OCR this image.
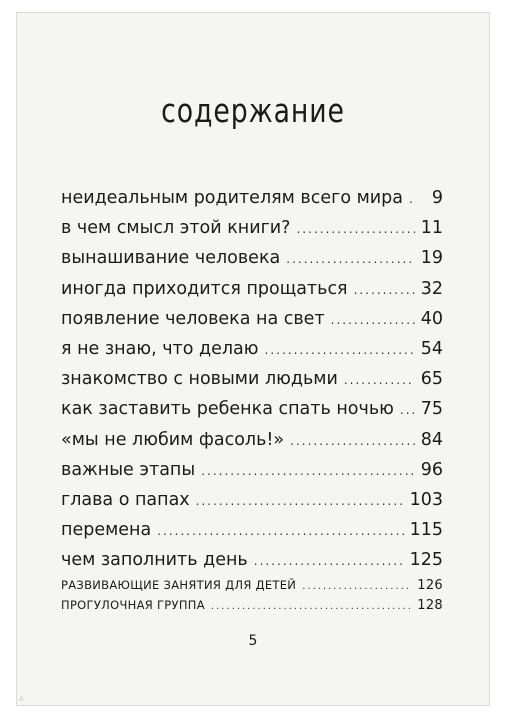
содержание
неидеальным родителям всего мира .....	9
в чем смысл этой книги? .....	11
вынашивание человека .....	19
иногда приходится прощаться .....	32
появление человека на свет .....	40
я не знаю, что делаю .....	54
знакомство с новыми людьми .....	65
как заставить ребенка спать ночью ..... 75
«мы не любим фасоль!» .....	84
важные этапы .....	96
глава о папах .....	103
перемена .....	115
чем заполнить день .....	125
РАЗВИВАЮЩИЕ ЗАНЯТИЯ ДЛЯ ДЕТЕЙ .....	126
ПРОГУЛОЧНАЯ ГРУППА .....	128
5
A
